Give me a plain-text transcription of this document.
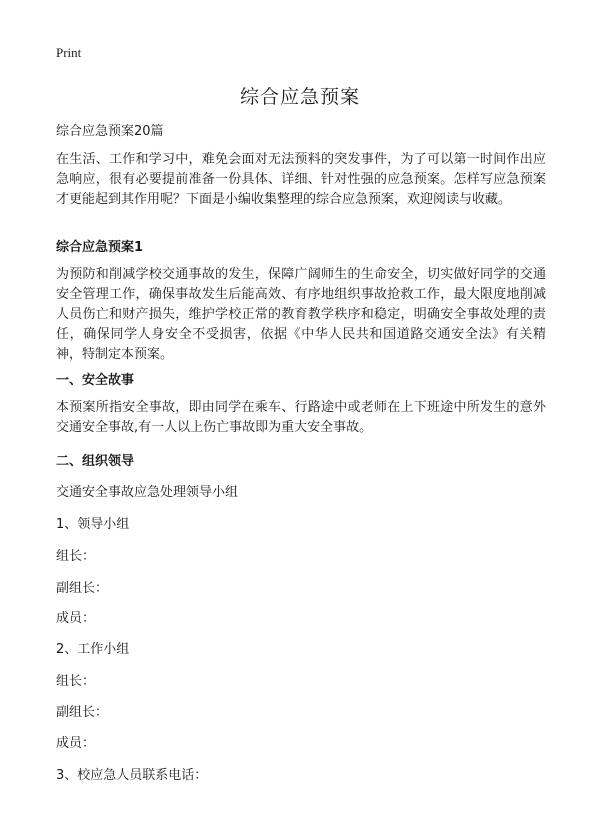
Print
综合应急预案

综合应急预案20篇

在生活、工作和学习中，难免会面对无法预料的突发事件，为了可以第一时间作出应急响应，很有必要提前准备一份具体、详细、针对性强的应急预案。怎样写应急预案才更能起到其作用呢？下面是小编收集整理的综合应急预案，欢迎阅读与收藏。

综合应急预案1

为预防和削减学校交通事故的发生，保障广阔师生的生命安全，切实做好同学的交通安全管理工作，确保事故发生后能高效、有序地组织事故抢救工作，最大限度地削减人员伤亡和财产损失，维护学校正常的教育教学秩序和稳定，明确安全事故处理的责任，确保同学人身安全不受损害，依据《中华人民共和国道路交通安全法》有关精神，特制定本预案。

一、安全故事

本预案所指安全事故，即由同学在乘车、行路途中或老师在上下班途中所发生的意外交通安全事故,有一人以上伤亡事故即为重大安全事故。

二、组织领导

交通安全事故应急处理领导小组

1、领导小组

组长：

副组长：

成员：

2、工作小组

组长：

副组长：

成员：

3、校应急人员联系电话：
